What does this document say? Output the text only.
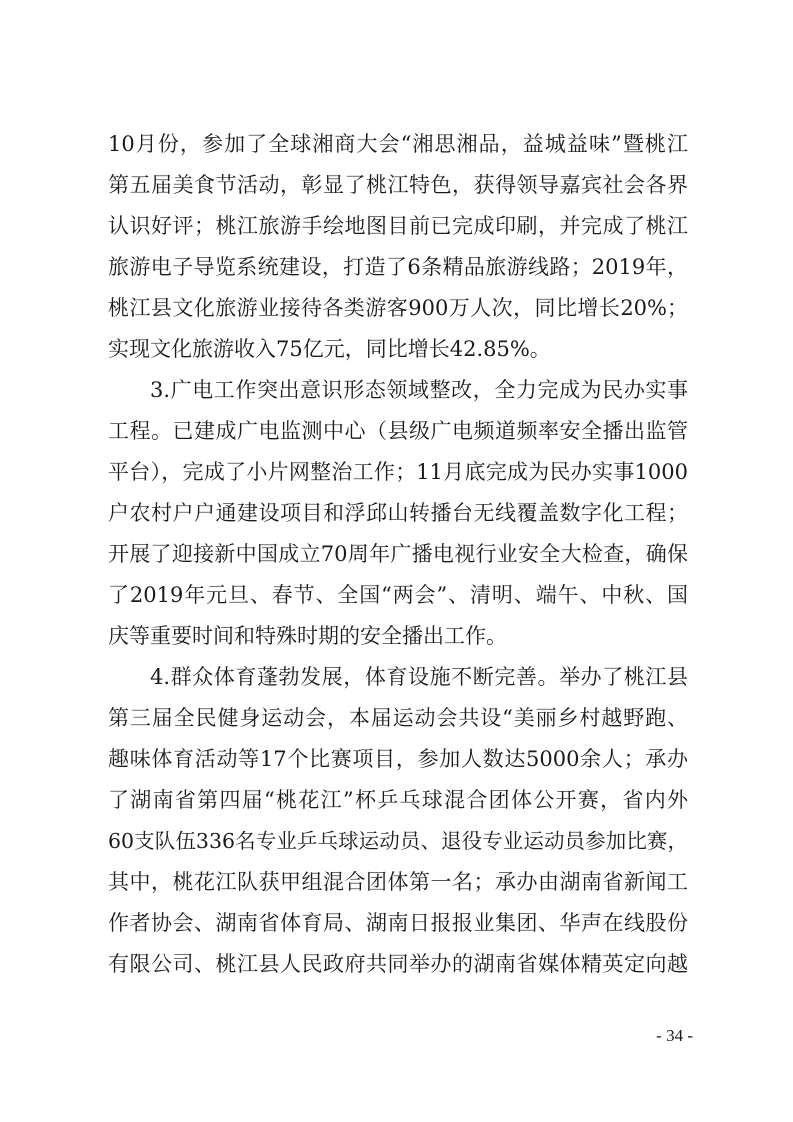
10月份，参加了全球湘商大会“湘思湘品，益城益味”暨桃江
第五届美食节活动，彰显了桃江特色，获得领导嘉宾社会各界
认识好评；桃江旅游手绘地图目前已完成印刷，并完成了桃江
旅游电子导览系统建设，打造了6条精品旅游线路；2019年，
桃江县文化旅游业接待各类游客900万人次，同比增长20%；
实现文化旅游收入75亿元，同比增长42.85%。
3.广电工作突出意识形态领域整改，全力完成为民办实事
工程。已建成广电监测中心（县级广电频道频率安全播出监管
平台），完成了小片网整治工作；11月底完成为民办实事1000
户农村户户通建设项目和浮邱山转播台无线覆盖数字化工程；
开展了迎接新中国成立70周年广播电视行业安全大检查，确保
了2019年元旦、春节、全国“两会”、清明、端午、中秋、国
庆等重要时间和特殊时期的安全播出工作。
4.群众体育蓬勃发展，体育设施不断完善。举办了桃江县
第三届全民健身运动会，本届运动会共设“美丽乡村越野跑、
趣味体育活动等17个比赛项目，参加人数达5000余人；承办
了湖南省第四届“桃花江”杯乒乓球混合团体公开赛，省内外
60支队伍336名专业乒乓球运动员、退役专业运动员参加比赛，
其中，桃花江队获甲组混合团体第一名；承办由湖南省新闻工
作者协会、湖南省体育局、湖南日报报业集团、华声在线股份
有限公司、桃江县人民政府共同举办的湖南省媒体精英定向越
- 34 -
